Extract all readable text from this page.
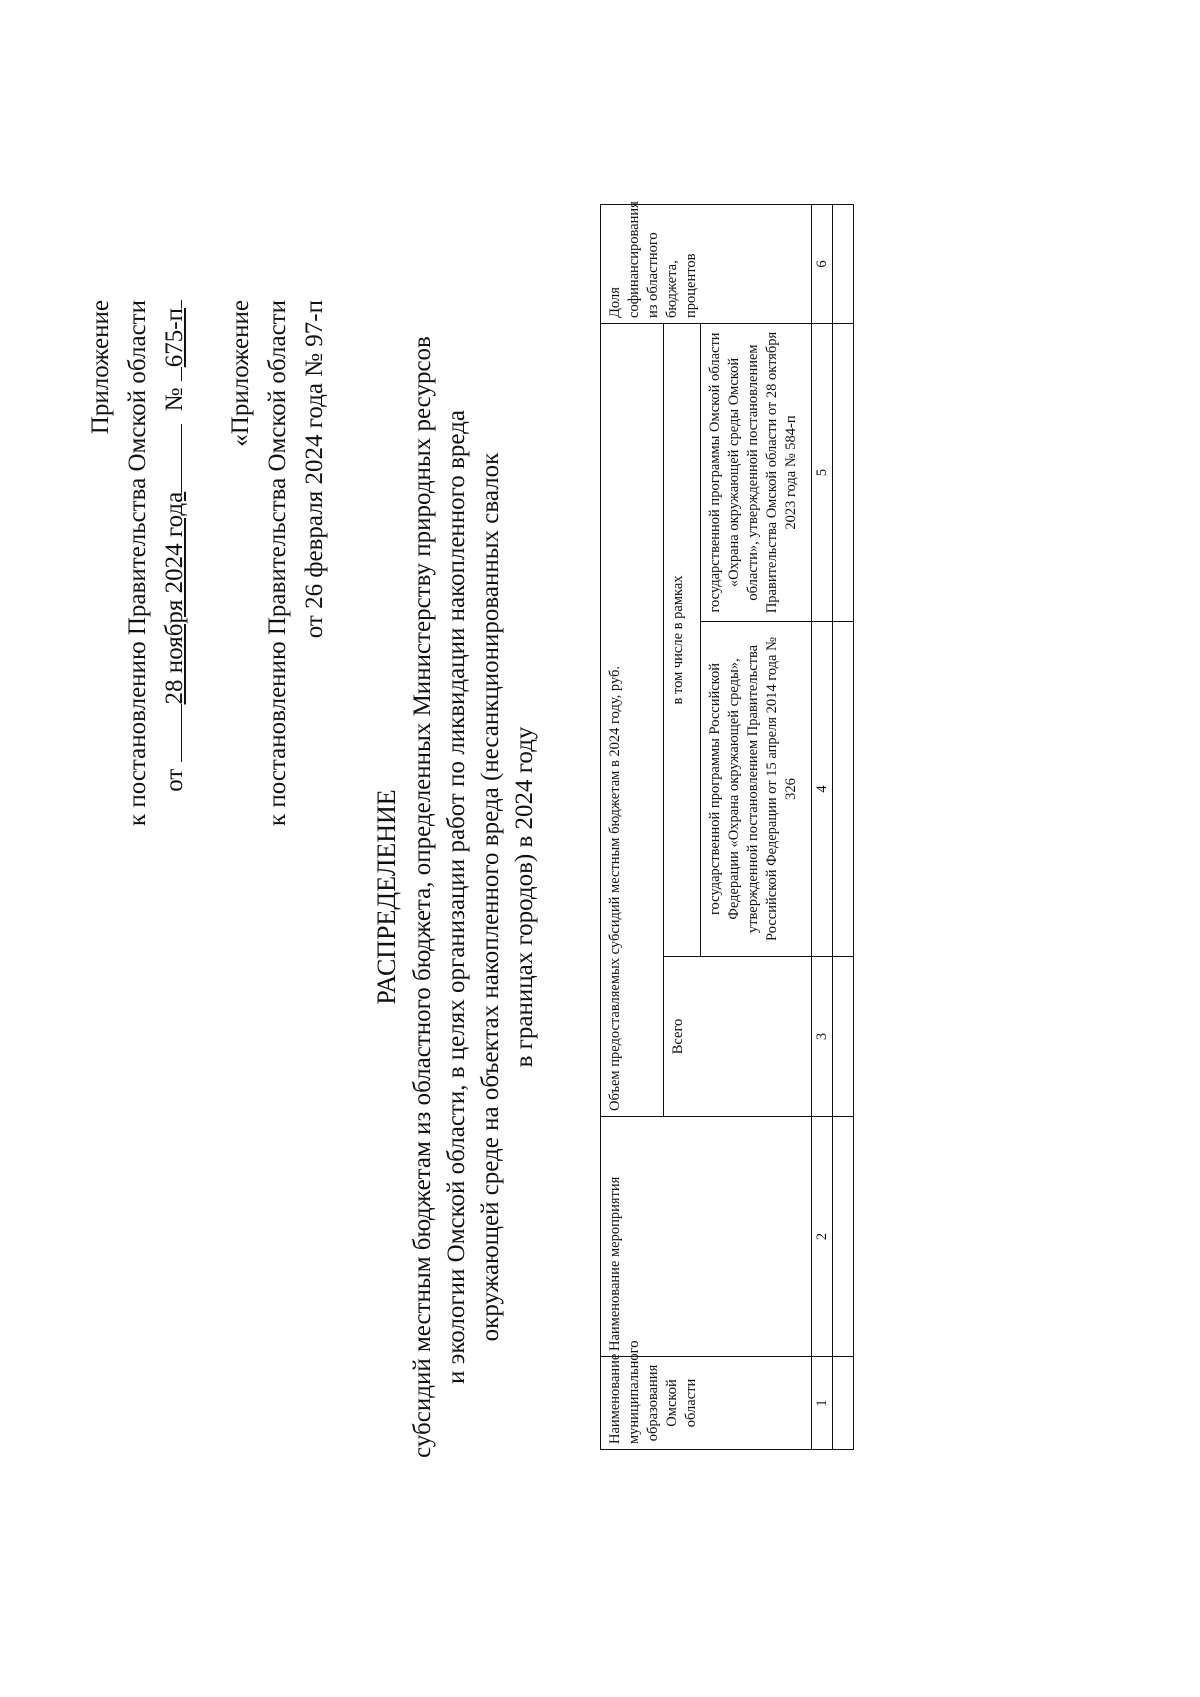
Приложение к постановлению Правительства Омской области от 28 ноября 2024 года  № 675-п «Приложение к постановлению Правительства Омской области от 26 февраля 2024 года № 97-п
РАСПРЕДЕЛЕНИЕ субсидий местным бюджетам из областного бюджета, определенных Министерству природных ресурсов и экологии Омской области, в целях организации работ по ликвидации накопленного вреда окружающей среде на объектах накопленного вреда (несанкционированных свалок в границах городов) в 2024 году
Наименование муниципального образования Омской области	Наименование мероприятия	Объем предоставляемых субсидий местным бюджетам в 2024 году, руб.			Доля софинансирования из областного бюджета, процентов
		Всего	в том числе в рамках		
			государственной программы Российской Федерации «Охрана окружающей среды», утвержденной постановлением Правительства Российской Федерации от 15 апреля 2014 года № 326	государственной программы Омской области «Охрана окружающей среды Омской области», утвержденной постановлением Правительства Омской области от 28 октября 2023 года № 584-п	
1	2	3	4	5	6
